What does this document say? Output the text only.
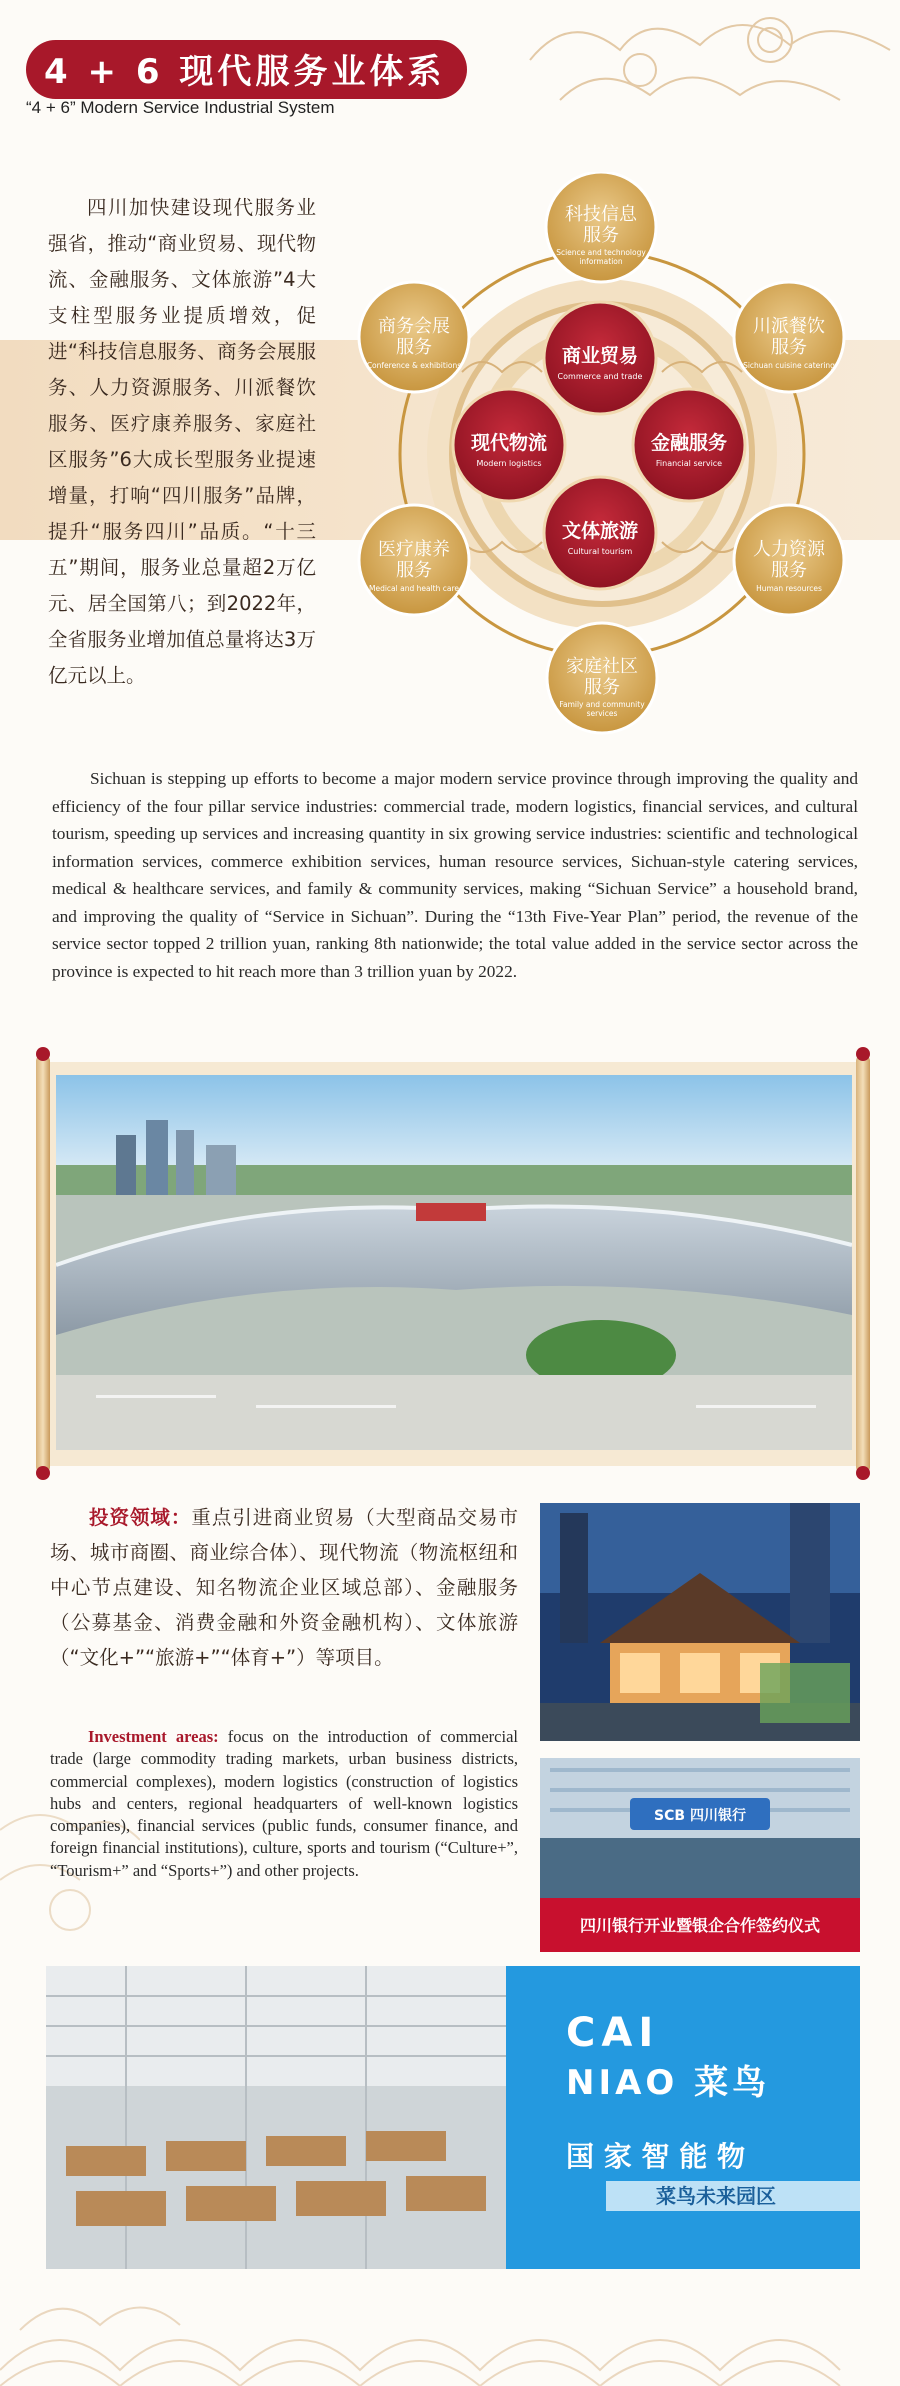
4 + 6 现代服务业体系
“4 + 6” Modern Service Industrial System

四川加快建设现代服务业强省，推动“商业贸易、现代物流、金融服务、文体旅游”4大支柱型服务业提质增效，促进“科技信息服务、商务会展服务、人力资源服务、川派餐饮服务、医疗康养服务、家庭社区服务”6大成长型服务业提速增量，打响“四川服务”品牌，提升“服务四川”品质。“十三五”期间，服务业总量超2万亿元、居全国第八；到2022年，全省服务业增加值总量将达3万亿元以上。

商业贸易
Commerce and trade
现代物流
Modern logistics
金融服务
Financial service
文体旅游
Cultural tourism
科技信息
服务
Science and technology
information
川派餐饮
服务
Sichuan cuisine catering
人力资源
服务
Human resources
家庭社区
服务
Family and community
services
医疗康养
服务
Medical and health care
商务会展
服务
Conference & exhibitions

Sichuan is stepping up efforts to become a major modern service province through improving the quality and efficiency of the four pillar service industries: commercial trade, modern logistics, financial services, and cultural tourism, speeding up services and increasing quantity in six growing service industries: scientific and technological information services, commerce exhibition services, human resource services, Sichuan-style catering services, medical & healthcare services, and family & community services, making “Sichuan Service” a household brand, and improving the quality of “Service in Sichuan”. During the “13th Five-Year Plan” period, the revenue of the service sector topped 2 trillion yuan, ranking 8th nationwide; the total value added in the service sector across the province is expected to hit reach more than 3 trillion yuan by 2022.

投资领域：重点引进商业贸易（大型商品交易市场、城市商圈、商业综合体）、现代物流（物流枢纽和中心节点建设、知名物流企业区域总部）、金融服务（公募基金、消费金融和外资金融机构）、文体旅游（“文化+”“旅游+”“体育+”）等项目。

Investment areas: focus on the introduction of commercial trade (large commodity trading markets, urban business districts, commercial complexes), modern logistics (construction of logistics hubs and centers, regional headquarters of well-known logistics companies), financial services (public funds, consumer finance, and foreign financial institutions), culture, sports and tourism (“Culture+”, “Tourism+” and “Sports+”) and other projects.

SCB 四川银行
四川银行开业暨银企合作签约仪式
CAI
NIAO 菜鸟
国 家 智 能 物
菜鸟未来园区
